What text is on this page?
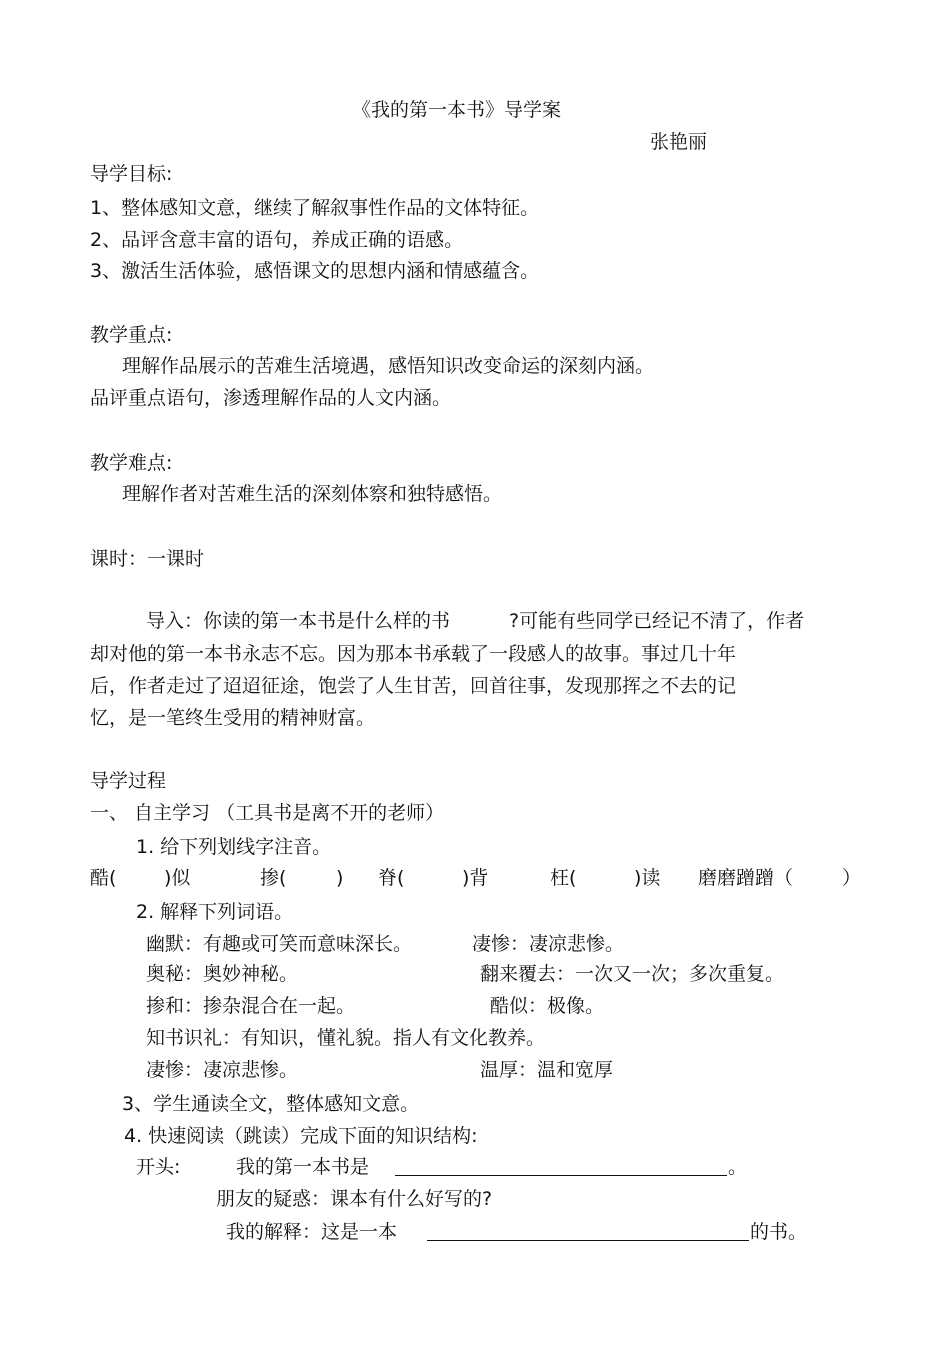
《我的第一本书》导学案
张艳丽
导学目标:
1、整体感知文意，继续了解叙事性作品的文体特征。
2、品评含意丰富的语句，养成正确的语感。
3、激活生活体验，感悟课文的思想内涵和情感蕴含。
教学重点:
理解作品展示的苦难生活境遇，感悟知识改变命运的深刻内涵。
品评重点语句，渗透理解作品的人文内涵。
教学难点:
理解作者对苦难生活的深刻体察和独特感悟。
课时：一课时
导入：你读的第一本书是什么样的书	?可能有些同学已经记不清了，作者
却对他的第一本书永志不忘。因为那本书承载了一段感人的故事。事过几十年
后，作者走过了迢迢征途，饱尝了人生甘苦，回首往事，发现那挥之不去的记
忆，是一笔终生受用的精神财富。
导学过程
一、 自主学习 （工具书是离不开的老师）
1. 给下列划线字注音。
酷(	)似	掺(	) 脊(	)背	枉(	)读 磨磨蹭蹭（	）
2. 解释下列词语。
幽默：有趣或可笑而意味深长。	凄惨：凄凉悲惨。
奥秘：奥妙神秘。	翻来覆去：一次又一次；多次重复。
掺和：掺杂混合在一起。	酷似：极像。
知书识礼：有知识，懂礼貌。指人有文化教养。
凄惨：凄凉悲惨。	温厚：温和宽厚
3、学生通读全文，整体感知文意。
4. 快速阅读（跳读）完成下面的知识结构:
开头:	我的第一本书是	。
朋友的疑惑：课本有什么好写的?
我的解释：这是一本	的书。
